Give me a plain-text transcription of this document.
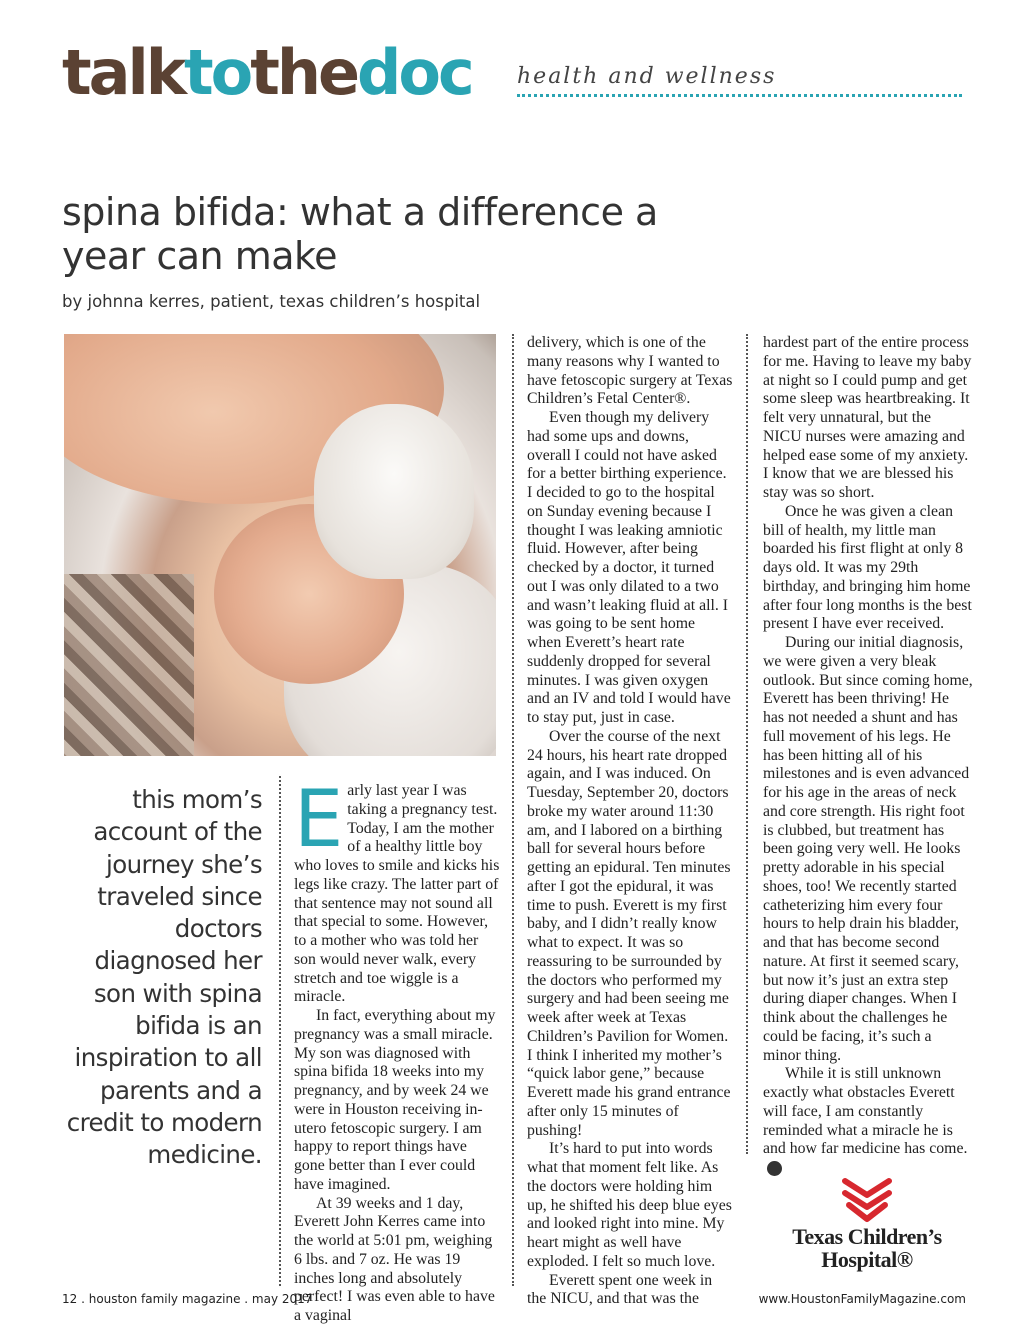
talktothedoc health and wellness
spina bifida: what a difference a year can make
by johnna kerres, patient, texas children’s hospital
this mom’s account of the journey she’s traveled since doctors diagnosed her son with spina bifida is an inspiration to all parents and a credit to modern medicine.
E arly last year I was taking a pregnancy test. Today, I am the mother of a healthy little boy who loves to smile and kicks his legs like crazy. The latter part of that sentence may not sound all that special to some. However, to a mother who was told her son would never walk, every stretch and toe wiggle is a miracle.

In fact, everything about my pregnancy was a small miracle. My son was diagnosed with spina bifida 18 weeks into my pregnancy, and by week 24 we were in Houston receiving in-utero fetoscopic surgery. I am happy to report things have gone better than I ever could have imagined.

At 39 weeks and 1 day, Everett John Kerres came into the world at 5:01 pm, weighing 6 lbs. and 7 oz. He was 19 inches long and absolutely perfect! I was even able to have a vaginal

delivery, which is one of the many reasons why I wanted to have fetoscopic surgery at Texas Children’s Fetal Center®.

Even though my delivery had some ups and downs, overall I could not have asked for a better birthing experience. I decided to go to the hospital on Sunday evening because I thought I was leaking amniotic fluid. However, after being checked by a doctor, it turned out I was only dilated to a two and wasn’t leaking fluid at all. I was going to be sent home when Everett’s heart rate suddenly dropped for several minutes. I was given oxygen and an IV and told I would have to stay put, just in case.

Over the course of the next 24 hours, his heart rate dropped again, and I was induced. On Tuesday, September 20, doctors broke my water around 11:30 am, and I labored on a birthing ball for several hours before getting an epidural. Ten minutes after I got the epidural, it was time to push. Everett is my first baby, and I didn’t really know what to expect. It was so reassuring to be surrounded by the doctors who performed my surgery and had been seeing me week after week at Texas Children’s Pavilion for Women. I think I inherited my mother’s “quick labor gene,” because Everett made his grand entrance after only 15 minutes of pushing!

It’s hard to put into words what that moment felt like. As the doctors were holding him up, he shifted his deep blue eyes and looked right into mine. My heart might as well have exploded. I felt so much love.

Everett spent one week in the NICU, and that was the

hardest part of the entire process for me. Having to leave my baby at night so I could pump and get some sleep was heartbreaking. It felt very unnatural, but the NICU nurses were amazing and helped ease some of my anxiety. I know that we are blessed his stay was so short.

Once he was given a clean bill of health, my little man boarded his first flight at only 8 days old. It was my 29th birthday, and bringing him home after four long months is the best present I have ever received.

During our initial diagnosis, we were given a very bleak outlook. But since coming home, Everett has been thriving! He has not needed a shunt and has full movement of his legs. He has been hitting all of his milestones and is even advanced for his age in the areas of neck and core strength. His right foot is clubbed, but treatment has been going very well. He looks pretty adorable in his special shoes, too! We recently started catheterizing him every four hours to help drain his bladder, and that has become second nature. At first it seemed scary, but now it’s just an extra step during diaper changes. When I think about the challenges he could be facing, it’s such a minor thing.

While it is still unknown exactly what obstacles Everett will face, I am constantly reminded what a miracle he is and how far medicine has come.hf

Texas Children’s
Hospital®
12 . houston family magazine . may 2017	www.HoustonFamilyMagazine.com
